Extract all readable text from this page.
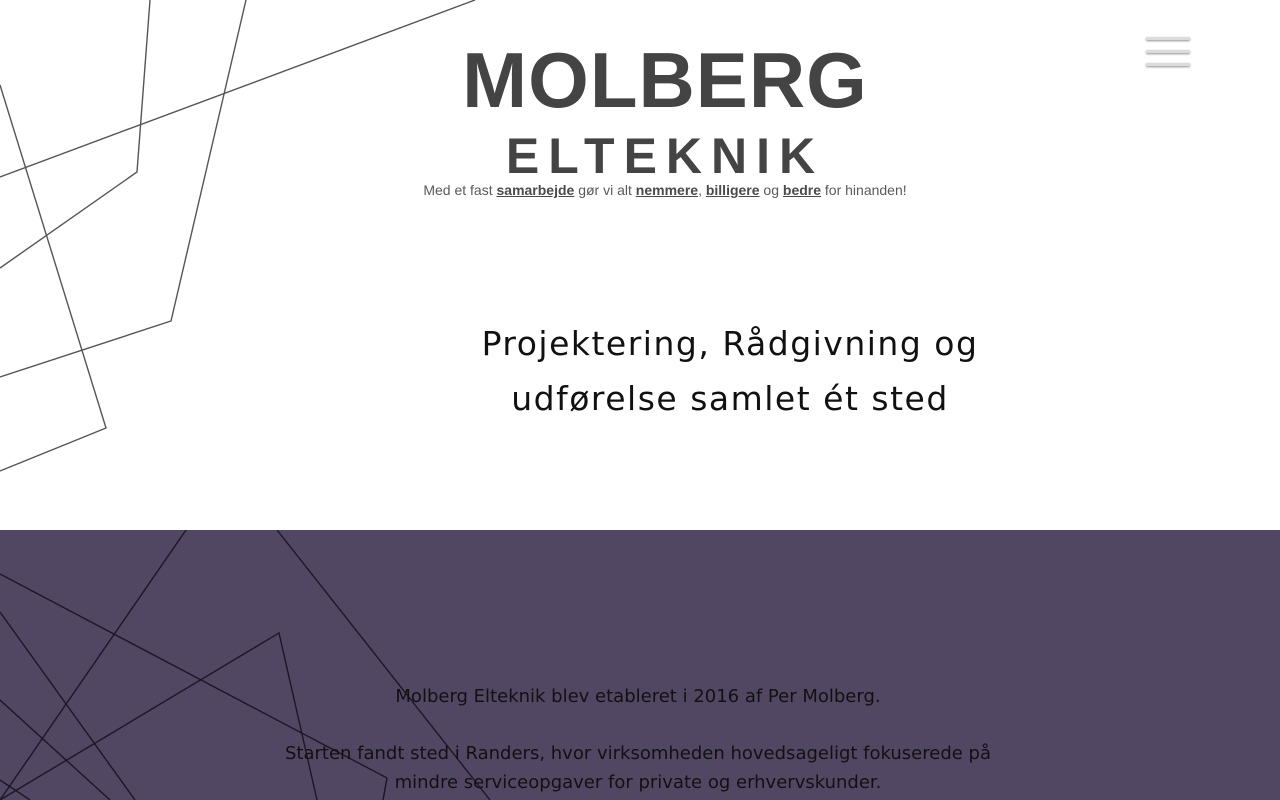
MOLBERG
ELTEKNIK
Med et fast samarbejde gør vi alt nemmere, billigere og bedre for hinanden!
Projektering, Rådgivning og
udførelse samlet ét sted

Molberg Elteknik blev etableret i 2016 af Per Molberg.

Starten fandt sted i Randers, hvor virksomheden hovedsageligt fokuserede på mindre serviceopgaver for private og erhvervskunder.
